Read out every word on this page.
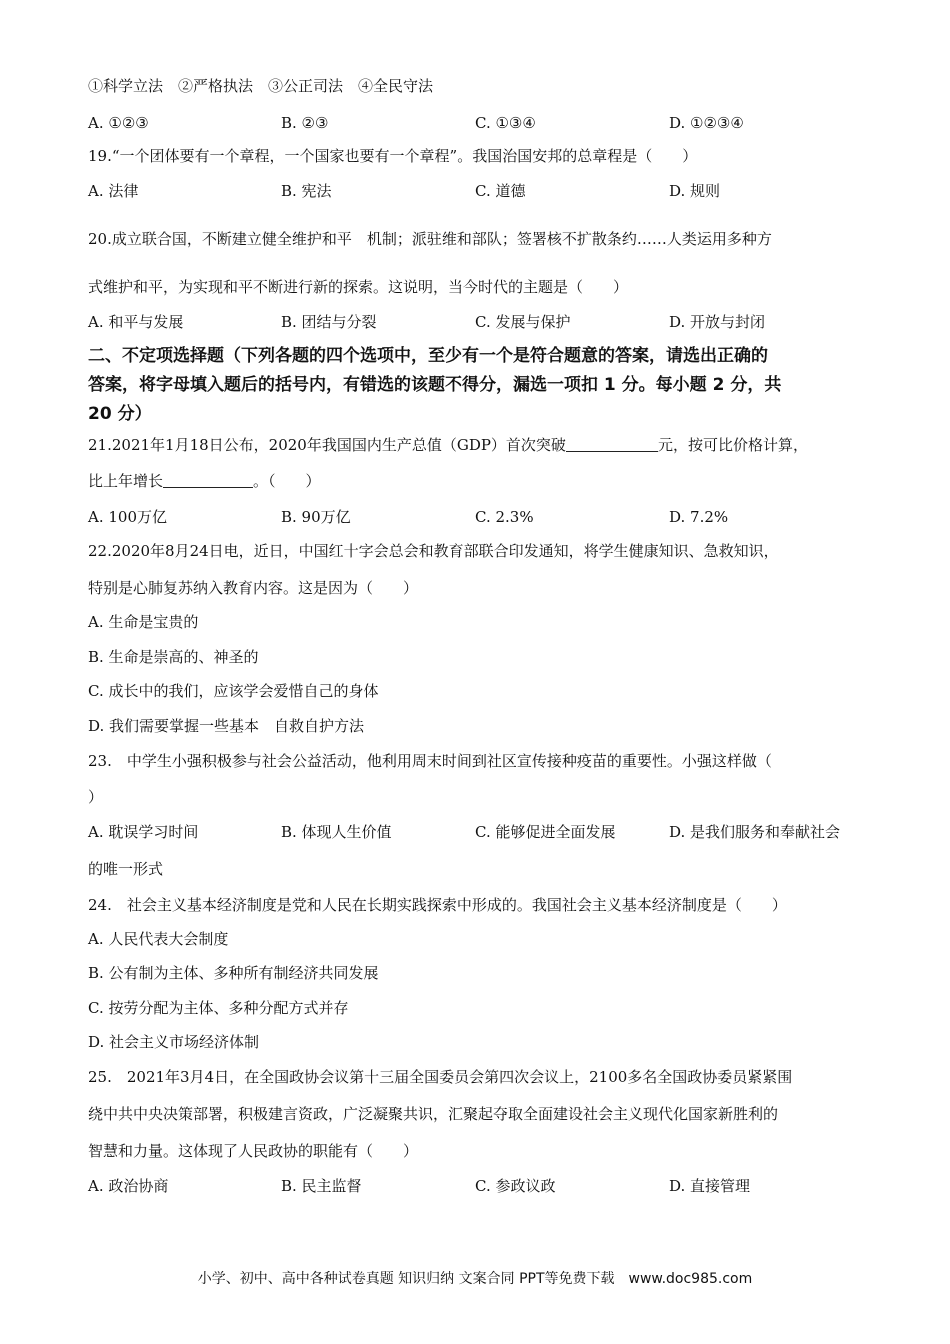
①科学立法　②严格执法　③公正司法　④全民守法
A. ①②③	B. ②③	C. ①③④	D. ①②③④
19.“一个团体要有一个章程，一个国家也要有一个章程”。我国治国安邦的总章程是（　　）
A. 法律	B. 宪法	C. 道德	D. 规则
20.成立联合国，不断建立健全维护和平　机制；派驻维和部队；签署核不扩散条约……人类运用多种方
式维护和平，为实现和平不断进行新的探索。这说明，当今时代的主题是（　　）
A. 和平与发展	B. 团结与分裂	C. 发展与保护	D. 开放与封闭
二、不定项选择题（下列各题的四个选项中，至少有一个是符合题意的答案，请选出正确的
答案，将字母填入题后的括号内，有错选的该题不得分，漏选一项扣 1 分。每小题 2 分，共
20 分）
21.2021年1月18日公布，2020年我国国内生产总值（GDP）首次突破	元，按可比价格计算，
比上年增长	。（　　）
A. 100万亿	B. 90万亿	C. 2.3%	D. 7.2%
22.2020年8月24日电，近日，中国红十字会总会和教育部联合印发通知，将学生健康知识、急救知识，
特别是心肺复苏纳入教育内容。这是因为（　　）
A. 生命是宝贵的
B. 生命是崇高的、神圣的
C. 成长中的我们，应该学会爱惜自己的身体
D. 我们需要掌握一些基本　自救自护方法
23.　中学生小强积极参与社会公益活动，他利用周末时间到社区宣传接种疫苗的重要性。小强这样做（
）
A. 耽误学习时间	B. 体现人生价值	C. 能够促进全面发展	D. 是我们服务和奉献社会
的唯一形式
24.　社会主义基本经济制度是党和人民在长期实践探索中形成的。我国社会主义基本经济制度是（　　）
A. 人民代表大会制度
B. 公有制为主体、多种所有制经济共同发展
C. 按劳分配为主体、多种分配方式并存
D. 社会主义市场经济体制
25.　2021年3月4日，在全国政协会议第十三届全国委员会第四次会议上，2100多名全国政协委员紧紧围
绕中共中央决策部署，积极建言资政，广泛凝聚共识，汇聚起夺取全面建设社会主义现代化国家新胜利的
智慧和力量。这体现了人民政协的职能有（　　）
A. 政治协商	B. 民主监督	C. 参政议政	D. 直接管理
小学、初中、高中各种试卷真题 知识归纳 文案合同 PPT等免费下载　www.doc985.com
